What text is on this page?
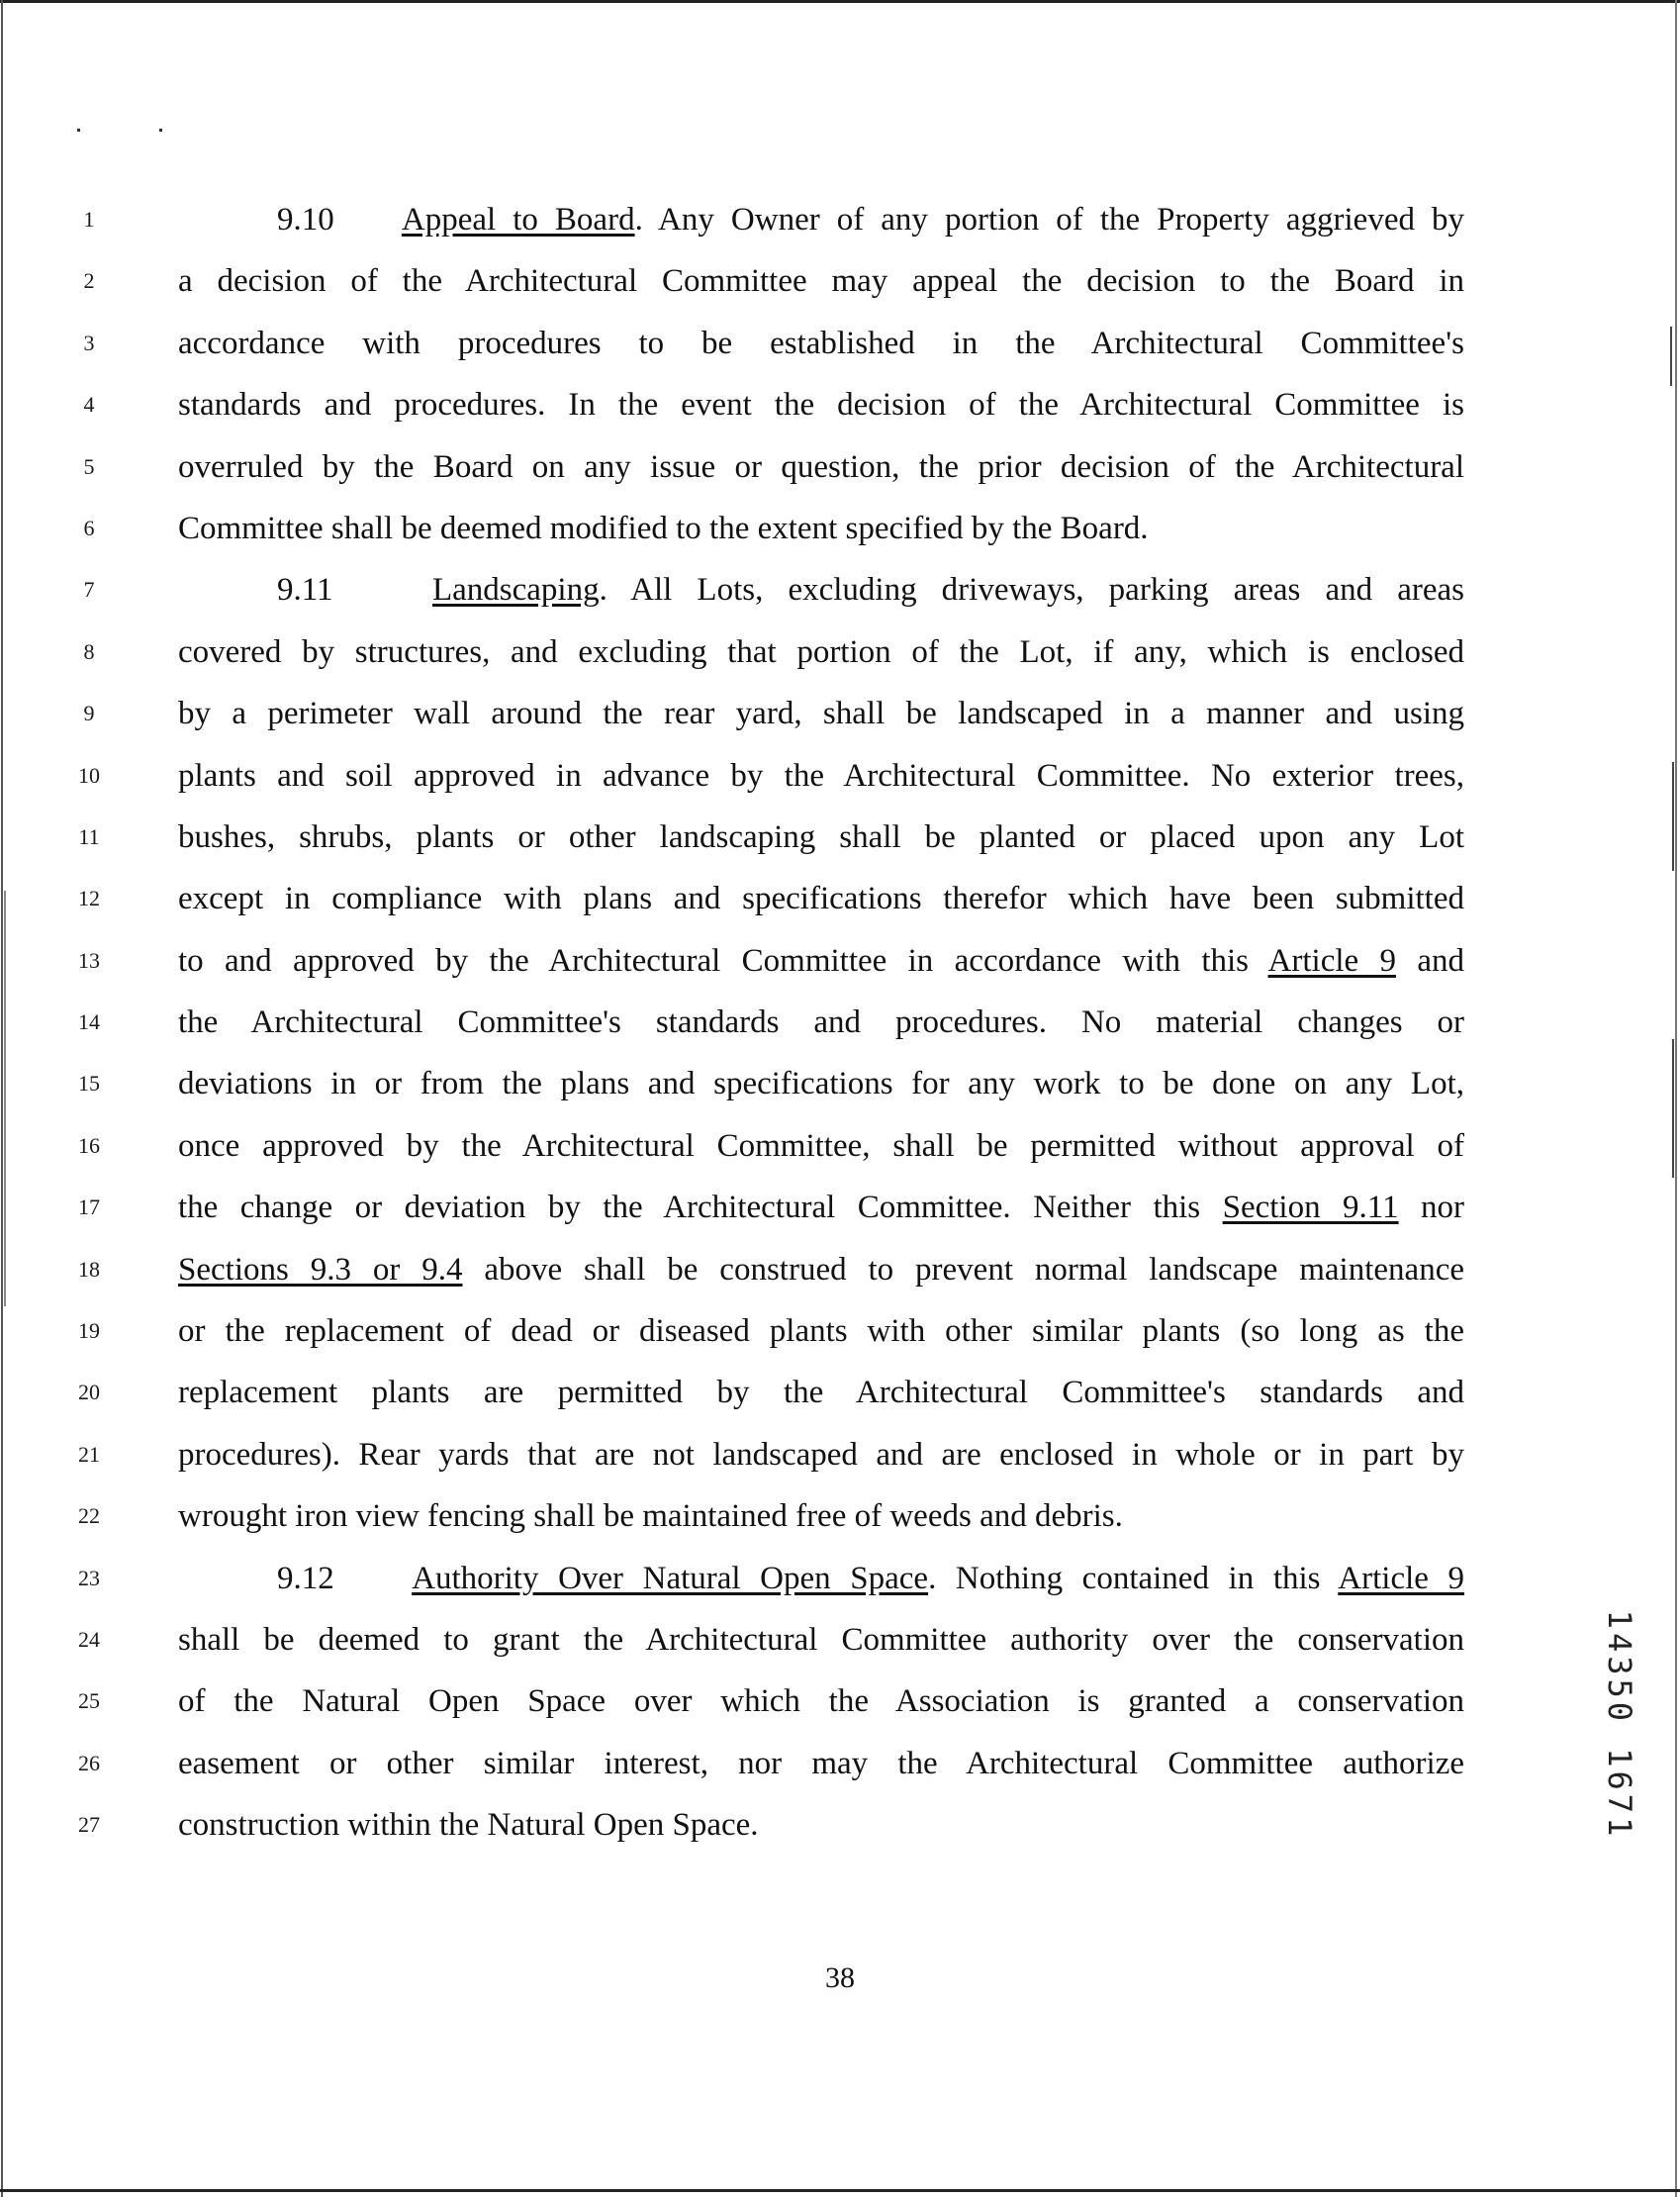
1
2
3
4
5
6
7
8
9
10
11
12
13
14
15
16
17
18
19
20
21
22
23
24
25
26
27
9.10 Appeal to Board. Any Owner of any portion of the Property aggrieved by
a decision of the Architectural Committee may appeal the decision to the Board in
accordance with procedures to be established in the Architectural Committee's
standards and procedures. In the event the decision of the Architectural Committee is
overruled by the Board on any issue or question, the prior decision of the Architectural
Committee shall be deemed modified to the extent specified by the Board.
9.11	Landscaping. All Lots, excluding driveways, parking areas and areas
covered by structures, and excluding that portion of the Lot, if any, which is enclosed
by a perimeter wall around the rear yard, shall be landscaped in a manner and using
plants and soil approved in advance by the Architectural Committee. No exterior trees,
bushes, shrubs, plants or other landscaping shall be planted or placed upon any Lot
except in compliance with plans and specifications therefor which have been submitted
to and approved by the Architectural Committee in accordance with this Article 9 and
the Architectural Committee's standards and procedures. No material changes or
deviations in or from the plans and specifications for any work to be done on any Lot,
once approved by the Architectural Committee, shall be permitted without approval of
the change or deviation by the Architectural Committee. Neither this Section 9.11 nor
Sections 9.3 or 9.4 above shall be construed to prevent normal landscape maintenance
or the replacement of dead or diseased plants with other similar plants (so long as the
replacement plants are permitted by the Architectural Committee's standards and
procedures). Rear yards that are not landscaped and are enclosed in whole or in part by
wrought iron view fencing shall be maintained free of weeds and debris.
9.12 Authority Over Natural Open Space. Nothing contained in this Article 9
shall be deemed to grant the Architectural Committee authority over the conservation
of the Natural Open Space over which the Association is granted a conservation
easement or other similar interest, nor may the Architectural Committee authorize
construction within the Natural Open Space.
38
14350 1671
